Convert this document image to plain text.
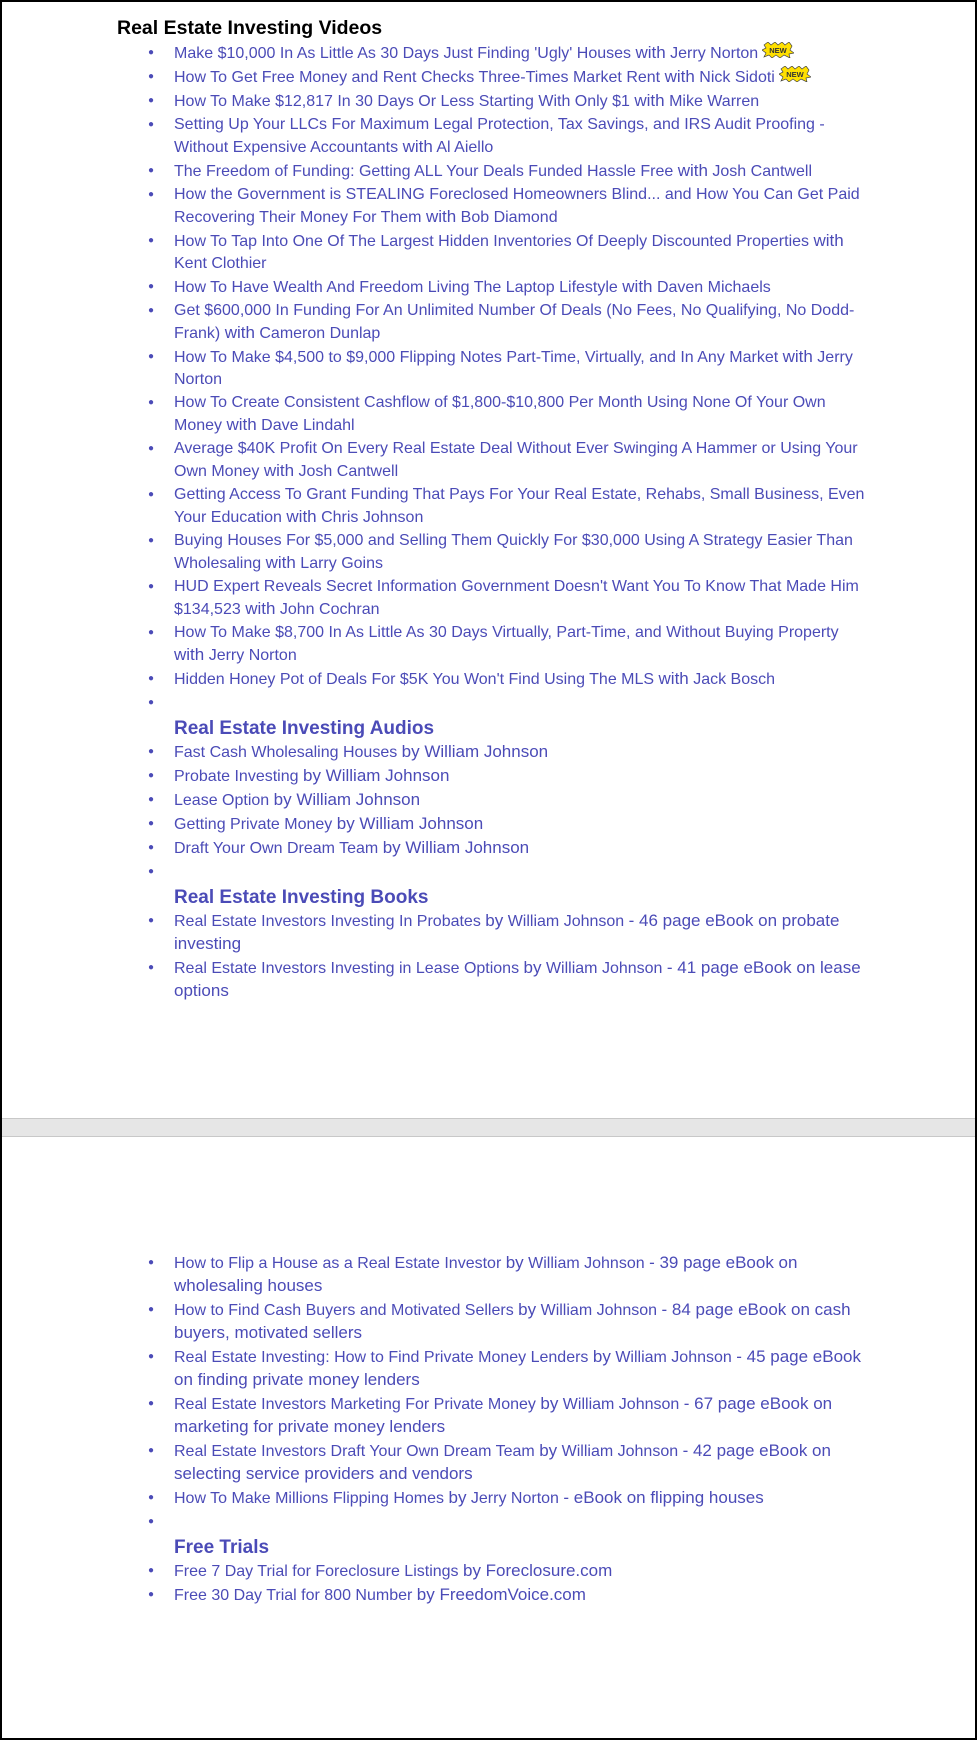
Real Estate Investing Videos
● Make $10,000 In As Little As 30 Days Just Finding 'Ugly' Houses with Jerry Norton NEW
● How To Get Free Money and Rent Checks Three-Times Market Rent with Nick Sidoti NEW
● How To Make $12,817 In 30 Days Or Less Starting With Only $1 with Mike Warren
● Setting Up Your LLCs For Maximum Legal Protection, Tax Savings, and IRS Audit Proofing - Without Expensive Accountants with Al Aiello
● The Freedom of Funding: Getting ALL Your Deals Funded Hassle Free with Josh Cantwell
● How the Government is STEALING Foreclosed Homeowners Blind... and How You Can Get Paid Recovering Their Money For Them with Bob Diamond
● How To Tap Into One Of The Largest Hidden Inventories Of Deeply Discounted Properties with Kent Clothier
● How To Have Wealth And Freedom Living The Laptop Lifestyle with Daven Michaels
● Get $600,000 In Funding For An Unlimited Number Of Deals (No Fees, No Qualifying, No Dodd-Frank) with Cameron Dunlap
● How To Make $4,500 to $9,000 Flipping Notes Part-Time, Virtually, and In Any Market with Jerry Norton
● How To Create Consistent Cashflow of $1,800-$10,800 Per Month Using None Of Your Own Money with Dave Lindahl
● Average $40K Profit On Every Real Estate Deal Without Ever Swinging A Hammer or Using Your Own Money with Josh Cantwell
● Getting Access To Grant Funding That Pays For Your Real Estate, Rehabs, Small Business, Even Your Education with Chris Johnson
● Buying Houses For $5,000 and Selling Them Quickly For $30,000 Using A Strategy Easier Than Wholesaling with Larry Goins
● HUD Expert Reveals Secret Information Government Doesn't Want You To Know That Made Him $134,523 with John Cochran
● How To Make $8,700 In As Little As 30 Days Virtually, Part-Time, and Without Buying Property with Jerry Norton
● Hidden Honey Pot of Deals For $5K You Won't Find Using The MLS with Jack Bosch

● Real Estate Investing Audios
● Fast Cash Wholesaling Houses by William Johnson
● Probate Investing by William Johnson
● Lease Option by William Johnson
● Getting Private Money by William Johnson
● Draft Your Own Dream Team by William Johnson

● Real Estate Investing Books
● Real Estate Investors Investing In Probates by William Johnson - 46 page eBook on probate investing
● Real Estate Investors Investing in Lease Options by William Johnson - 41 page eBook on lease options
● How to Flip a House as a Real Estate Investor by William Johnson - 39 page eBook on wholesaling houses
● How to Find Cash Buyers and Motivated Sellers by William Johnson - 84 page eBook on cash buyers, motivated sellers
● Real Estate Investing: How to Find Private Money Lenders by William Johnson - 45 page eBook on finding private money lenders
● Real Estate Investors Marketing For Private Money by William Johnson - 67 page eBook on marketing for private money lenders
● Real Estate Investors Draft Your Own Dream Team by William Johnson - 42 page eBook on selecting service providers and vendors
● How To Make Millions Flipping Homes by Jerry Norton - eBook on flipping houses

● Free Trials
● Free 7 Day Trial for Foreclosure Listings by Foreclosure.com
● Free 30 Day Trial for 800 Number by FreedomVoice.com
